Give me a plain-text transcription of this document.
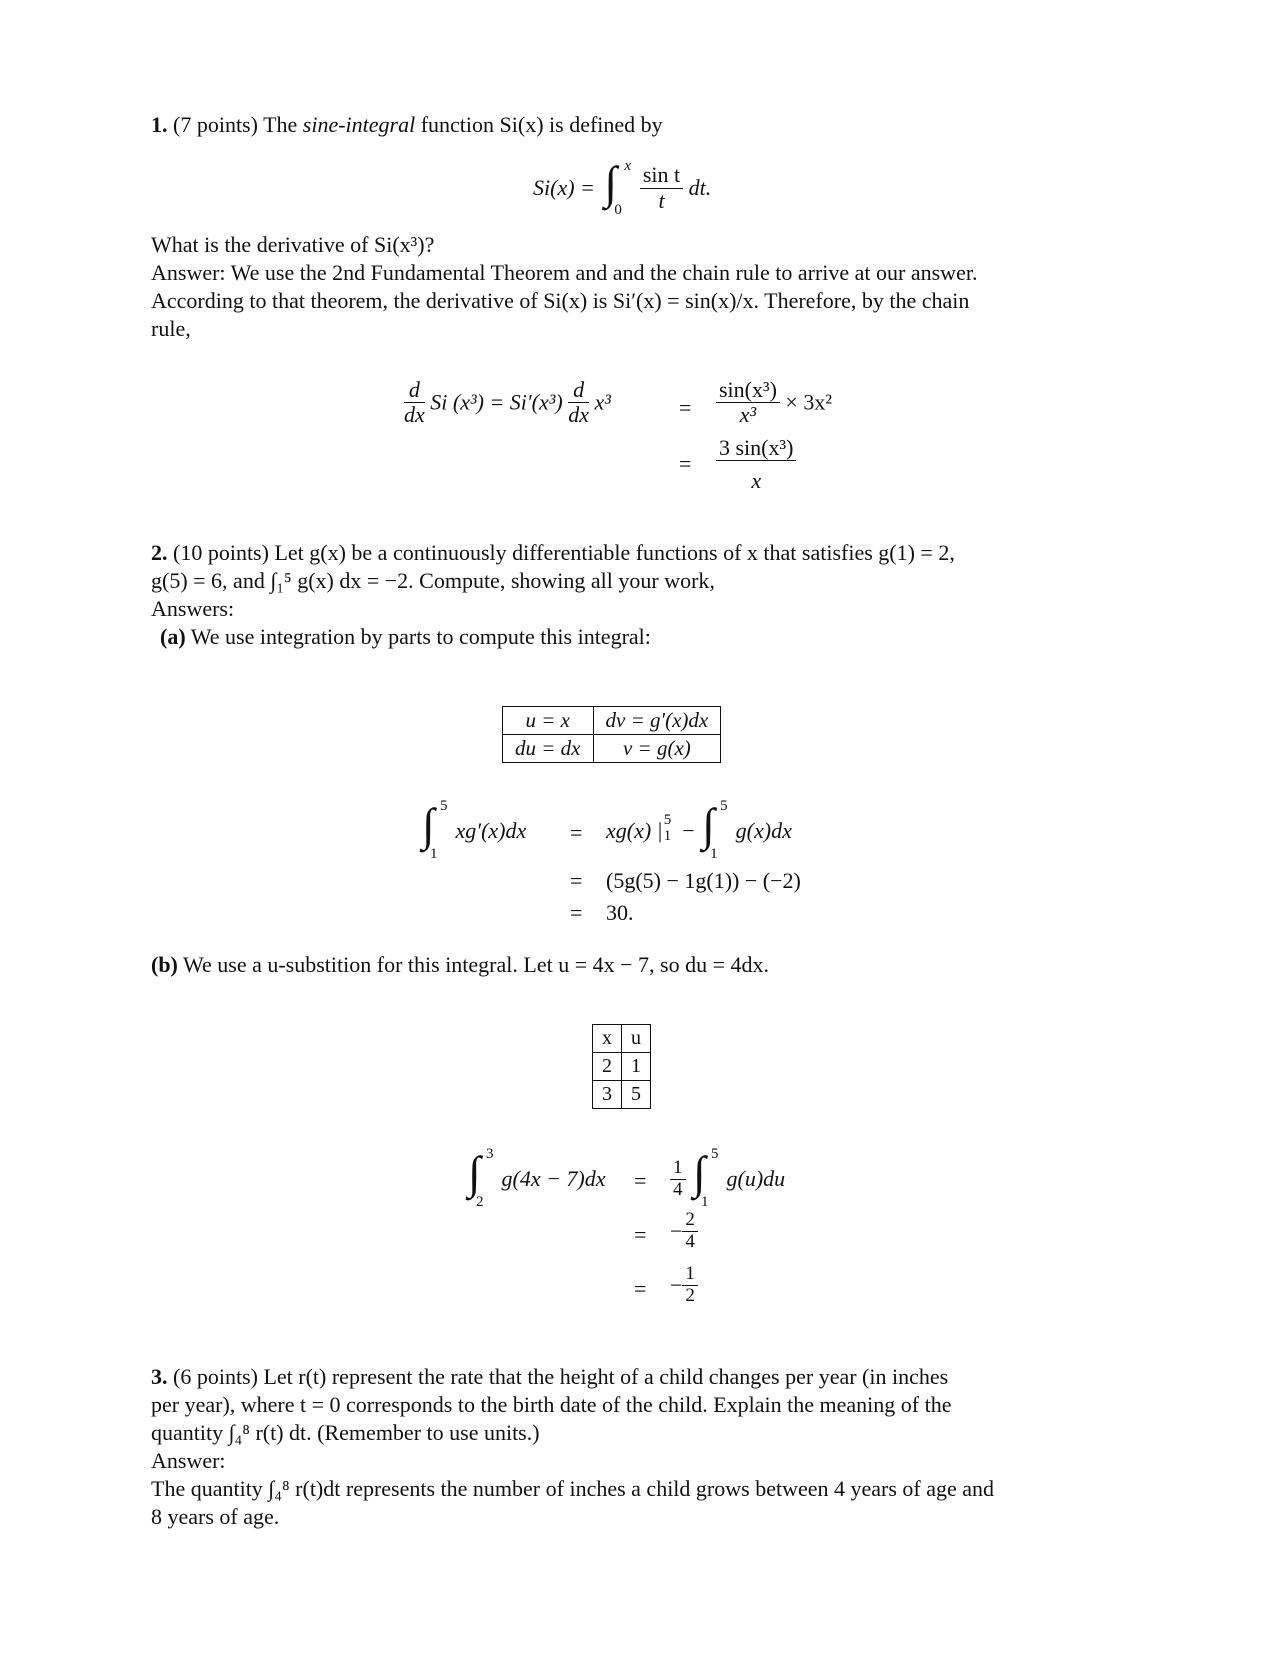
1. (7 points) The sine-integral function Si(x) is defined by
Si(x) = ∫ x
0
$\frac{\text{sin t}}{t}$ dt.
What is the derivative of Si(x³)?
Answer: We use the 2nd Fundamental Theorem and and the chain rule to arrive at our answer.
According to that theorem, the derivative of Si(x) is Si′(x) = sin(x)/x. Therefore, by the chain
rule,
$\frac{d}{dx}$ Si $(x^3) = Si'(x^3) \frac{d}{dx} x^3$	= $\frac{\text{sin(x³)}}{\text{x³}} \times 3x^2$
= $\frac{\text{3 sin(x³)}}{x}$
2. (10 points) Let g(x) be a continuously differentiable functions of x that satisfies g(1) = 2,
g(5) = 6, and ∫₁⁵ g(x) dx = −2. Compute, showing all your work,
Answers:
(a) We use integration by parts to compute this integral:
u = x	dv = g′(x)dx
du = dx	v = g(x)
∫ 5
1
xg′(x)dx = xg(x) | 5
1 − ∫ 5
1
g(x)dx
= (5g(5) − 1g(1)) − (−2)
= 30.
(b) We use a u-substition for this integral. Let u = 4x − 7, so du = 4dx.
x	u
2	1
3	5
∫ 3
2
$g(4x - 7)dx = \frac{1}{4}$
∫ 5
1
g(u)du
= − $\frac{2}{4}$
= − $\frac{1}{2}$
3. (6 points) Let r(t) represent the rate that the height of a child changes per year (in inches
per year), where t = 0 corresponds to the birth date of the child. Explain the meaning of the
quantity ∫₄⁸ r(t) dt. (Remember to use units.)
Answer:
The quantity ∫₄⁸ r(t)dt represents the number of inches a child grows between 4 years of age and
8 years of age.
